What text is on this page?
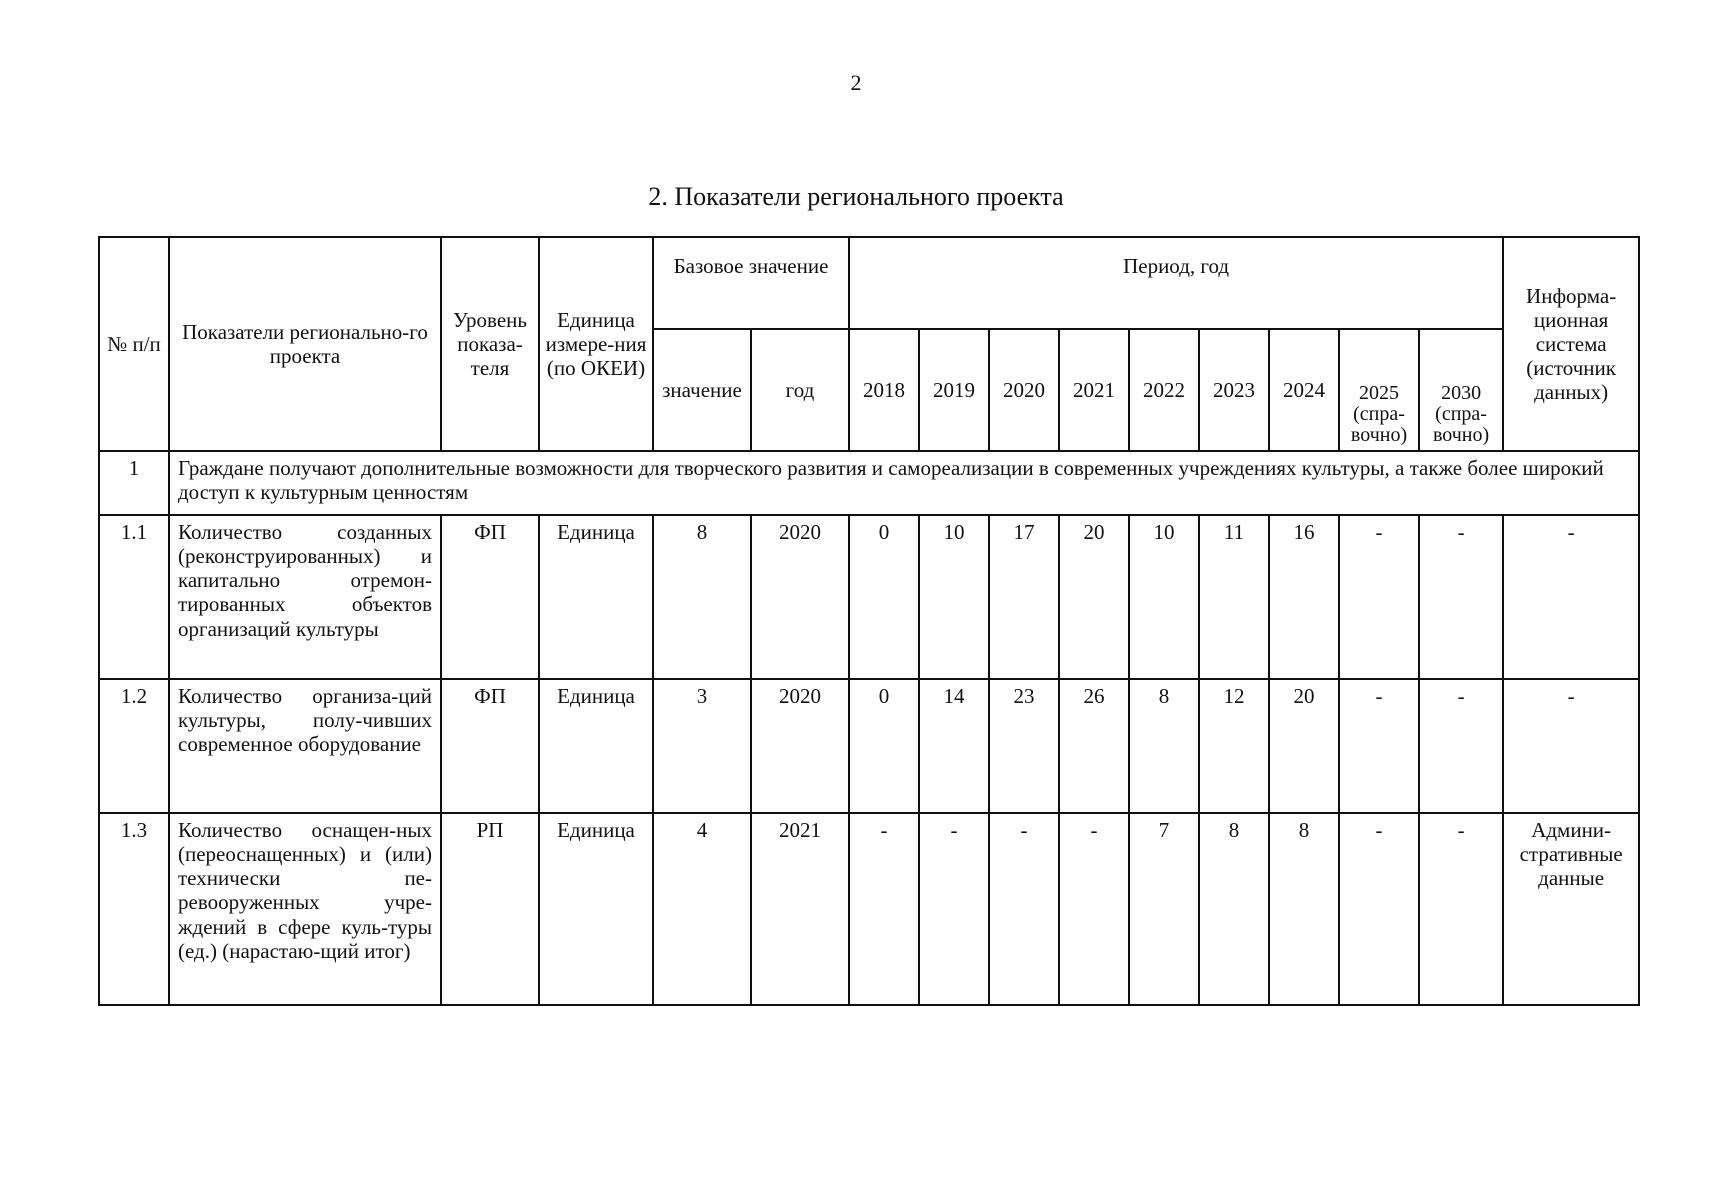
2
2. Показатели регионального проекта
№ п/п	Показатели регионально-го проекта	Уровень показа-теля	Единица измере-ния (по ОКЕИ)	Базовое значение		Период, год									Информа-ционная система (источник данных)
				значение	год	2018	2019	2020	2021	2022	2023	2024	2025 (спра-вочно)	2030 (спра-вочно)	
1	Граждане получают дополнительные возможности для творческого развития и самореализации в современных учреждениях культуры, а также более широкий доступ к культурным ценностям														
1.1	Количество созданных (реконструированных) и капитально отремон-тированных объектов организаций культуры	ФП	Единица	8	2020	0	10	17	20	10	11	16	-	-	-
1.2	Количество организа-ций культуры, полу-чивших современное оборудование	ФП	Единица	3	2020	0	14	23	26	8	12	20	-	-	-
1.3	Количество оснащен-ных (переоснащенных) и (или) технически пе-ревооруженных учре-ждений в сфере куль-туры (ед.) (нарастаю-щий итог)	РП	Единица	4	2021	-	-	-	-	7	8	8	-	-	Админи-стративные данные
